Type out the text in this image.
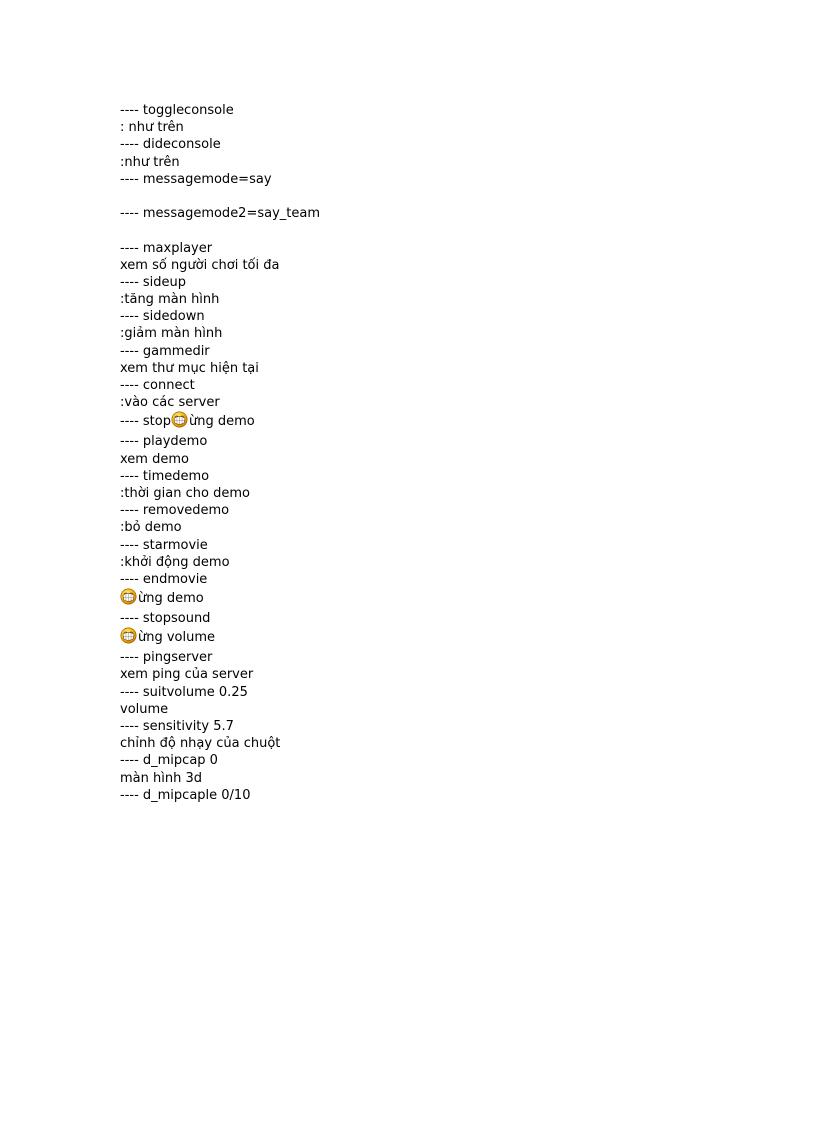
---- toggleconsole
: như trên
---- dideconsole
:như trên
---- messagemode=say
---- messagemode2=say_team
---- maxplayer
xem số người chơi tối đa
---- sideup
:tăng màn hình
---- sidedown
:giảm màn hình
---- gammedir
xem thư mục hiện tại
---- connect
:vào các server
---- stop ừng demo
---- playdemo
xem demo
---- timedemo
:thời gian cho demo
---- removedemo
:bỏ demo
---- starmovie
:khởi động demo
---- endmovie
ừng demo
---- stopsound
ừng volume
---- pingserver
xem ping của server
---- suitvolume 0.25
volume
---- sensitivity 5.7
chỉnh độ nhạy của chuột
---- d_mipcap 0
màn hình 3d
---- d_mipcaple 0/10
